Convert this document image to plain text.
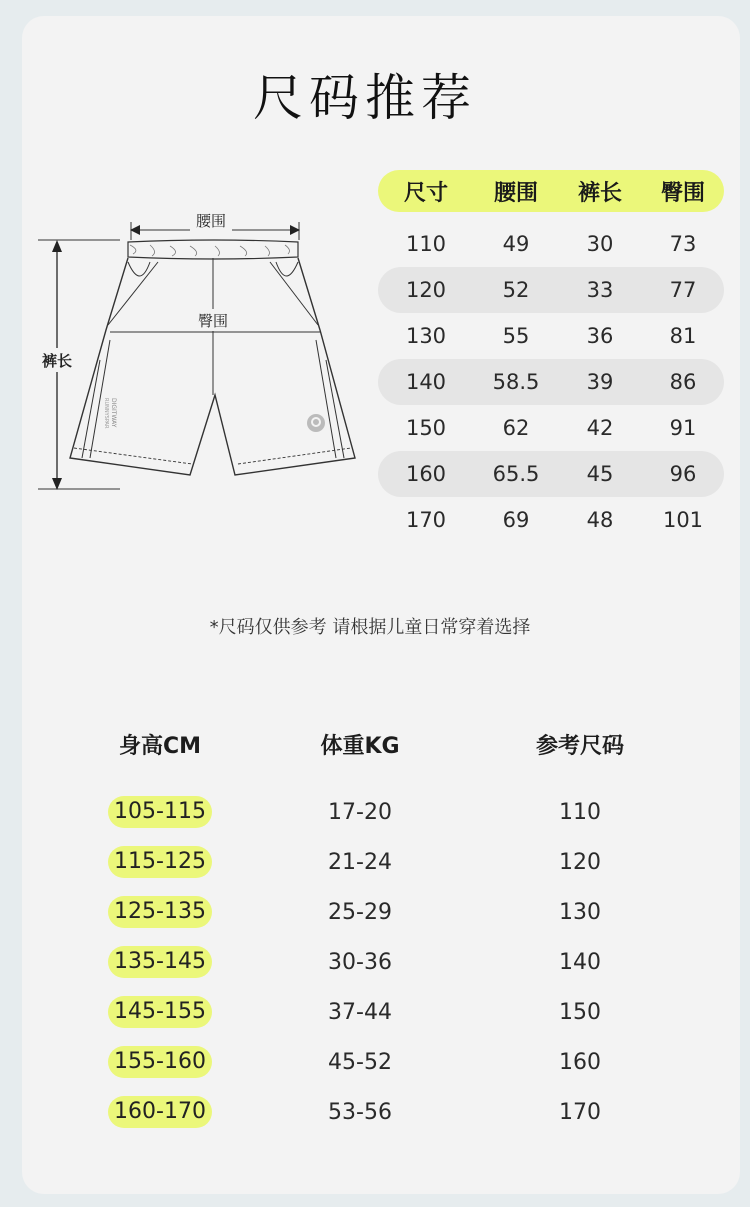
尺码推荐
腰围
臀围
裤长
DIGITWAY
RUNNYSPAR
尺寸	腰围	裤长	臀围
110	49	30	73
120	52	33	77
130	55	36	81
140	58.5	39	86
150	62	42	91
160	65.5	45	96
170	69	48	101
*尺码仅供参考 请根据儿童日常穿着选择
身高CM	体重KG	参考尺码
105-115	17-20	110
115-125	21-24	120
125-135	25-29	130
135-145	30-36	140
145-155	37-44	150
155-160	45-52	160
160-170	53-56	170
